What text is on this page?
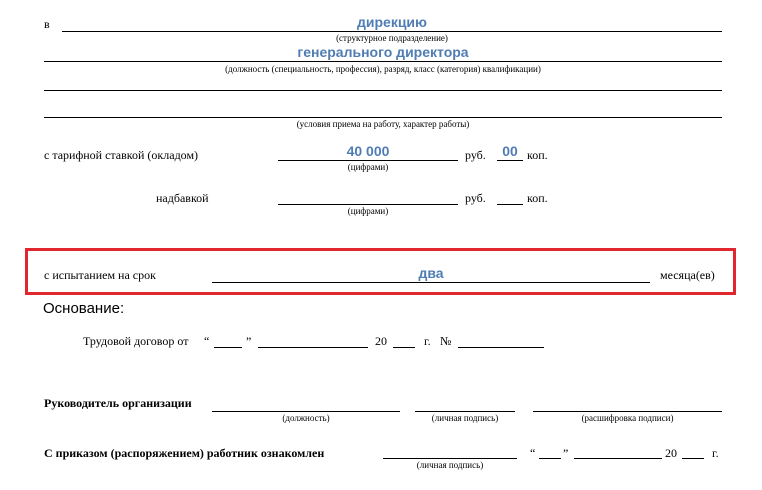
в	дирекцию
(структурное подразделение)
генерального директора
(должность (специальность, профессия), разряд, класс (категория) квалификации)
(условия приема на работу, характер работы)
с тарифной ставкой (окладом)	40 000
(цифрами)
руб.	00 коп.
надбавкой
(цифрами)
руб.	коп.
с испытанием на срок	два	месяца(ев)
Основание:
Трудовой договор от “	”	20	г. №
Руководитель организации
(должность)	(личная подпись)	(расшифровка подписи)
С приказом (распоряжением) работник ознакомлен
(личная подпись)
“ ”	20	г.
